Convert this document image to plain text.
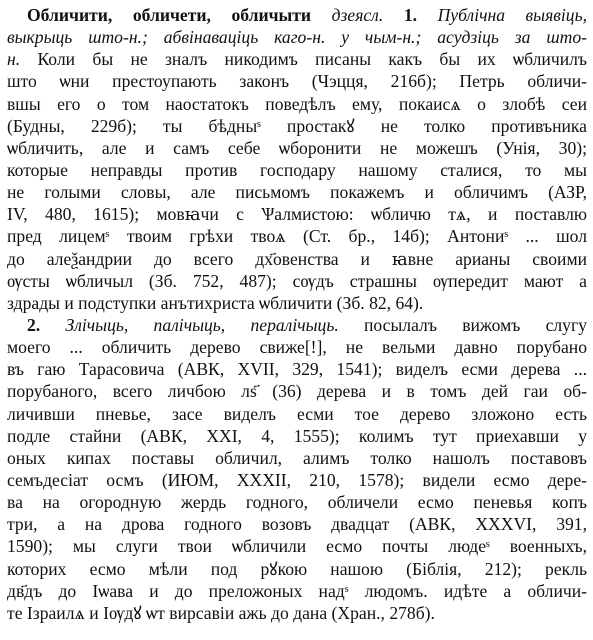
Обличити, обличети, обличыти дзеясл. 1. Публічна выявіць,
выкрыць што-н.; абвінаваціць каго-н. у чым-н.; асудзіць за што-
н. Коли бы не зналъ никодимъ писаны какъ бы их ѡбличилъ
што ѡни престоупають законъ (Чэцця, 216б); Петрь обличи-
вшы его о том наостатокъ поведѣлъ ему, покаисѧ о злобѣ сеи
(Будны, 229б); ты бѣдныˢ простакꙋ не толко противъника
ѡбличить, але и самъ себе ѡборонити не можешъ (Унія, 30);
которые неправды против господару нашому сталися, то мы
не голыми словы, але письмомъ покажемъ и обличимъ (АЗР,
IV, 480, 1615); мовꙗчи с Ѱалмистою: ѡбличю тѧ, и поставлю
пред лицемˢ твоим грѣхи твоѧ (Ст. бр., 14б); Антониˢ ... шол
до алеѯандрии до всего дх҃овенства и ꙗвне арианы своими
ѹсты ѡбличыл (Зб. 752, 487); сѹдъ страшны ѹпередит мают а
здрады и подступки анътихриста ѡбличити (Зб. 82, 64).
2. Злічыць, палічыць, пералічыць. посылалъ вижомъ слугу
моего ... обличить дерево свиже[!], не вельми давно порубано
въ гаю Тарасовича (АВК, XVII, 329, 1541); виделъ есми дерева ...
порубаного, всего личбою лѕ҃ (36) дерева и в томъ дей гаи об-
личивши пневье, засе виделъ есми тое дерево зложоно есть
подле стайни (АВК, XXI, 4, 1555); колимъ тут приехавши у
оных кипах поставы обличил, алимъ толко нашолъ поставовъ
семъдесiат осмъ (ИЮМ, XXXII, 210, 1578); видели есмо дере-
ва на огородную жердь годного, обличели есмо пеневья копъ
три, а на дрова годного возовъ двадцат (АВК, XXXVI, 391,
1590); мы слуги твои ѡбличили есмо почты людеˢ военныхъ,
которих есмо мѣли под рꙋкою нашою (Біблія, 212); рекль
дв҃дъ до Iѡава и до преложоных надˢ людомъ. идѣте а обличи-
те Iзраилѧ и Iѹдꙋ ѡт вирсавiи ажь до дана (Хран., 278б).
